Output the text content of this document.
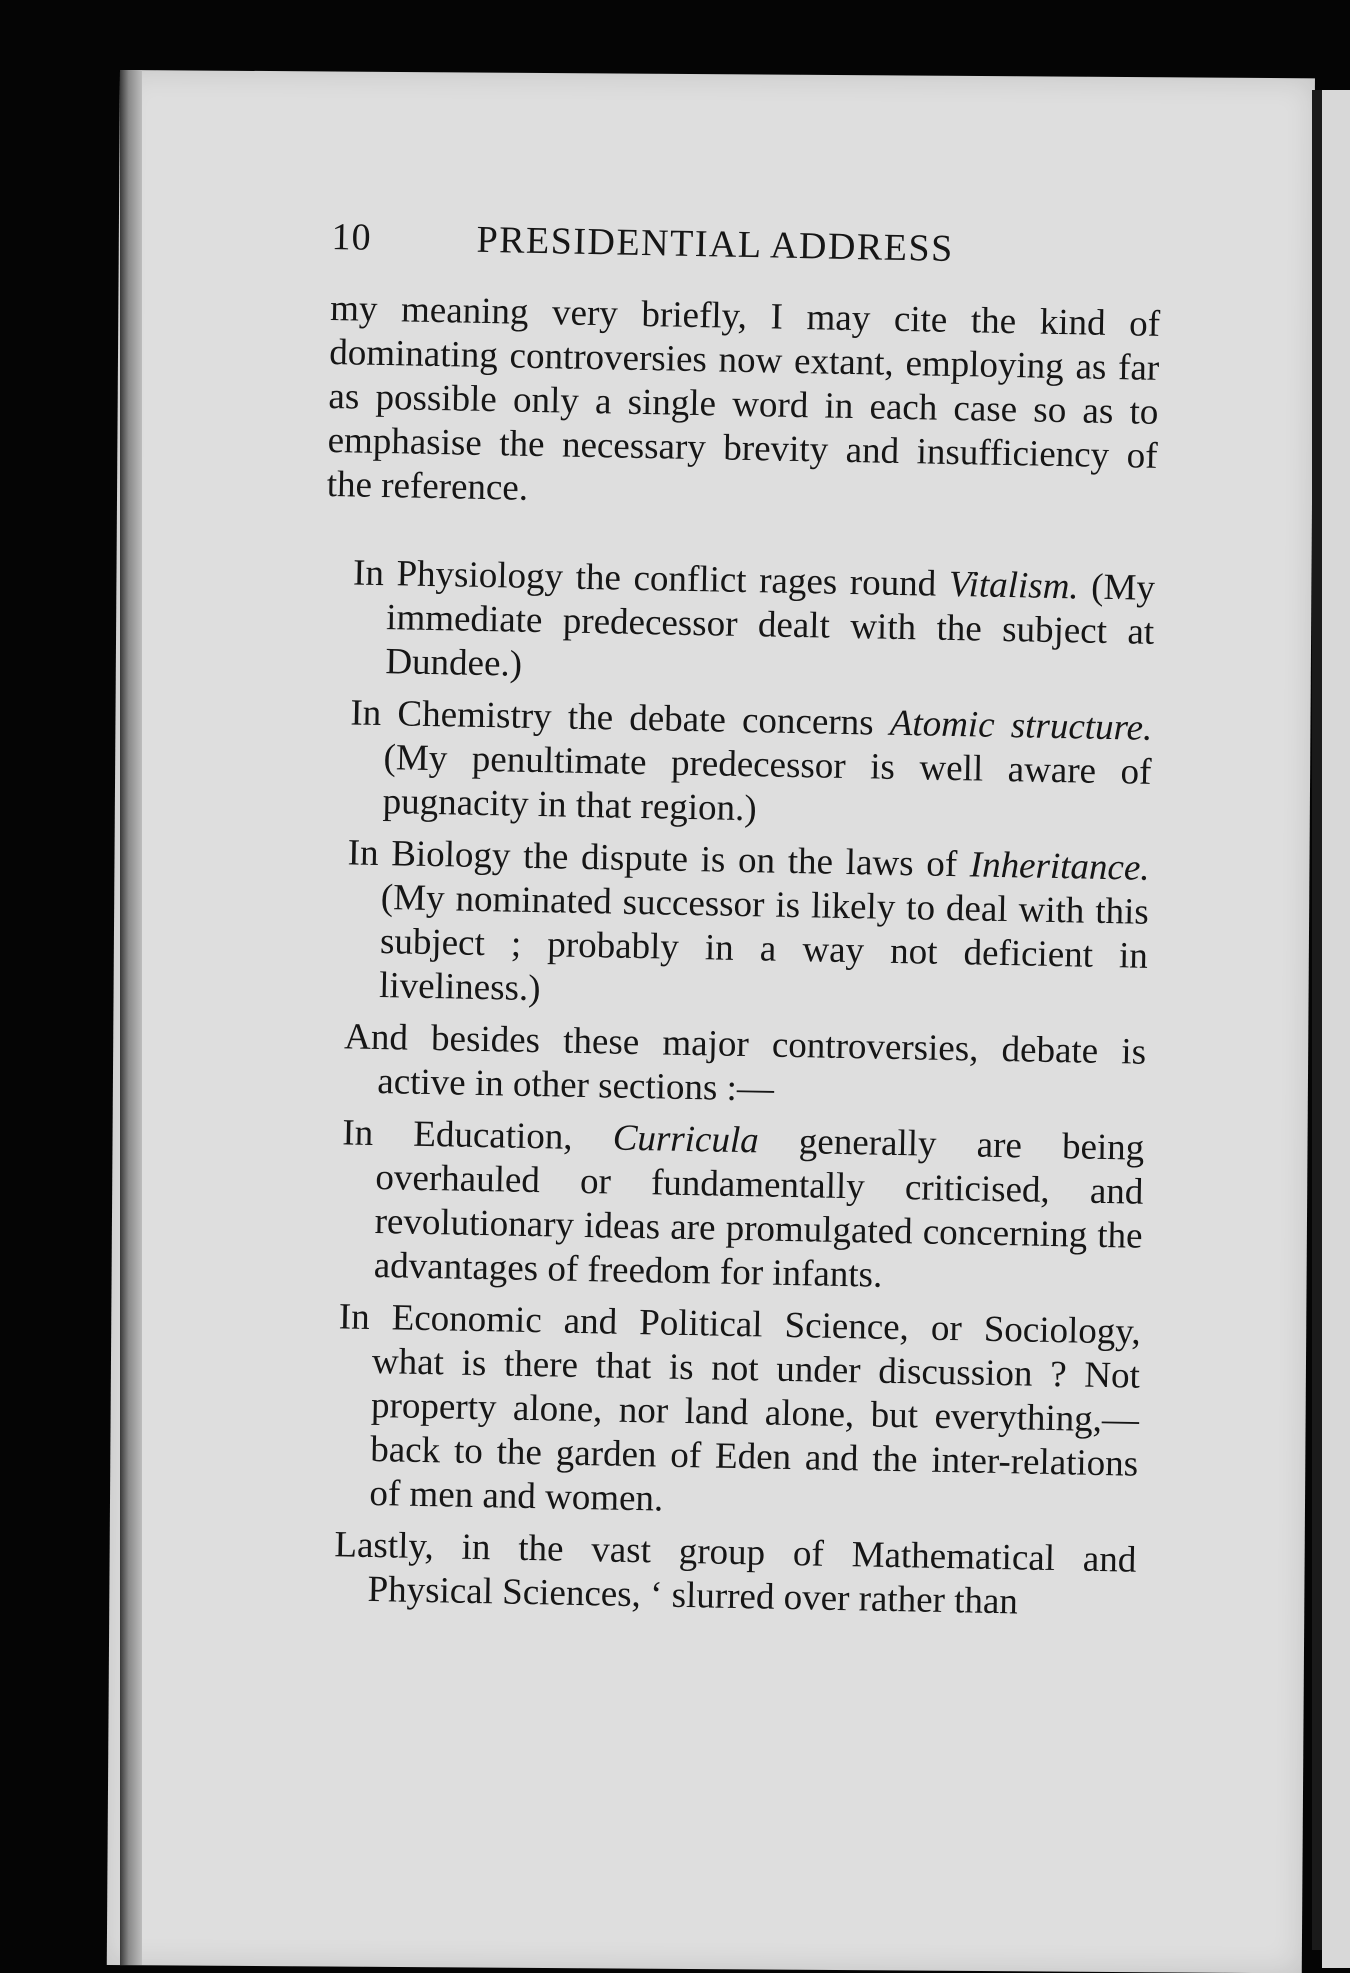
10	PRESIDENTIAL ADDRESS

my meaning very briefly, I may cite the kind of dominating controversies now extant, employing as far as possible only a single word in each case so as to emphasise the necessary brevity and insufficiency of the reference.

In Physiology the conflict rages round Vitalism. (My immediate predecessor dealt with the subject at Dundee.)

In Chemistry the debate concerns Atomic structure. (My penultimate predecessor is well aware of pugnacity in that region.)

In Biology the dispute is on the laws of Inheritance. (My nominated successor is likely to deal with this subject ; probably in a way not deficient in liveliness.)

And besides these major controversies, debate is active in other sections :—

In Education, Curricula generally are being overhauled or fundamentally criticised, and revolutionary ideas are promulgated concerning the advantages of freedom for infants.

In Economic and Political Science, or Sociology, what is there that is not under discussion ? Not property alone, nor land alone, but everything,—back to the garden of Eden and the inter-relations of men and women.

Lastly, in the vast group of Mathematical and Physical Sciences, ‘ slurred over rather than
